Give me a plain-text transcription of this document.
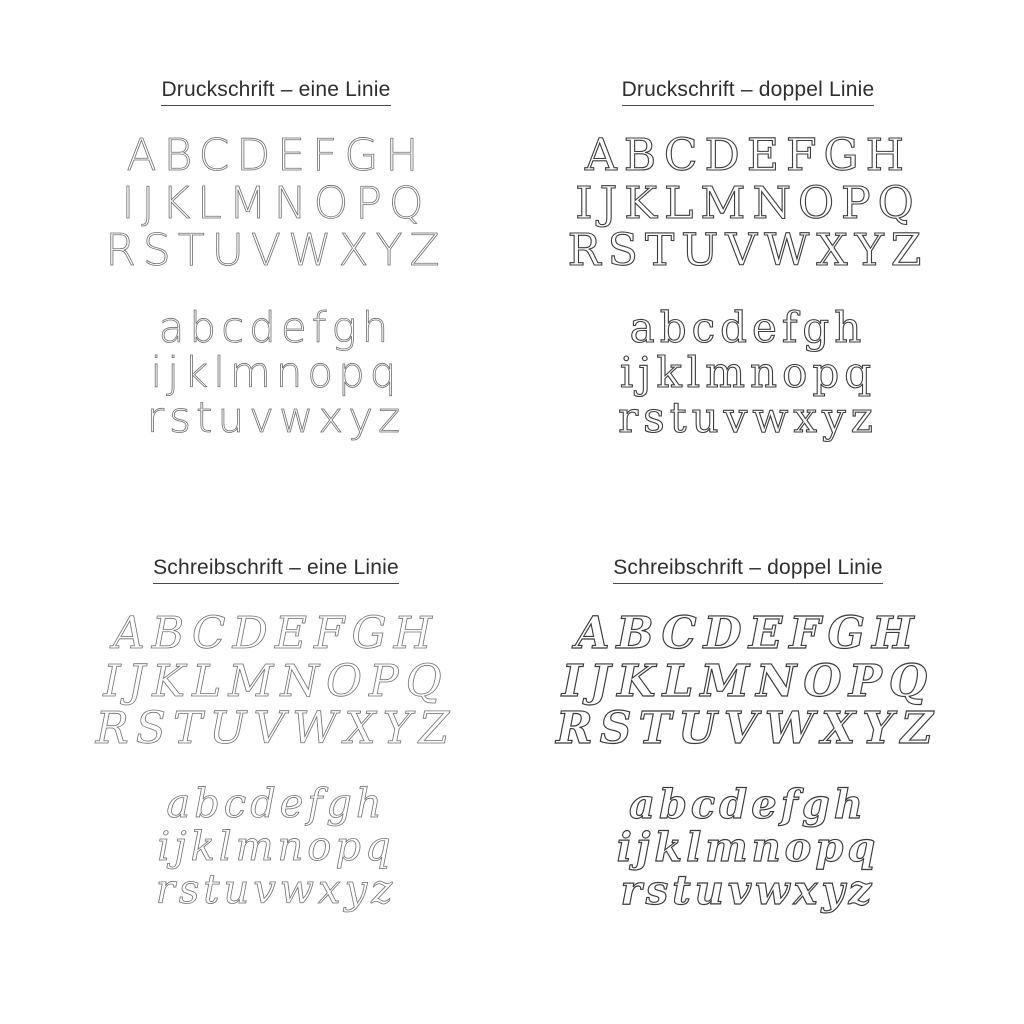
Druckschrift – eine Linie
ABCDEFGH
IJKLMNOPQ
RSTUVWXYZ
abcdefgh
ijklmnopq
rstuvwxyz
Druckschrift – doppel Linie
ABCDEFGH
IJKLMNOPQ
RSTUVWXYZ
abcdefgh
ijklmnopq
rstuvwxyz
Schreibschrift – eine Linie
ABCDEFGH
IJKLMNOPQ
RSTUVWXYZ
abcdefgh
ijklmnopq
rstuvwxyz
Schreibschrift – doppel Linie
ABCDEFGH
IJKLMNOPQ
RSTUVWXYZ
abcdefgh
ijklmnopq
rstuvwxyz
